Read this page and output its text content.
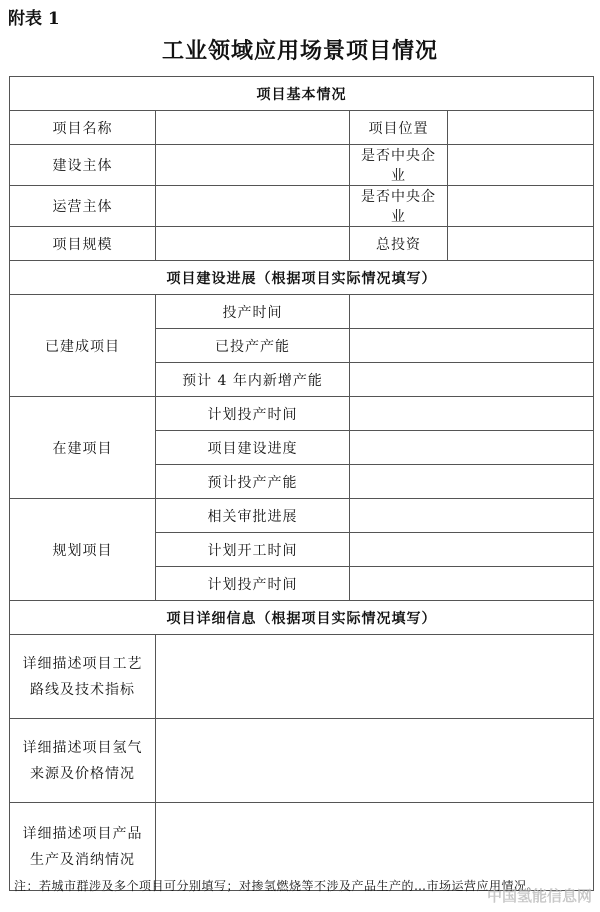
附表 1
工业领域应用场景项目情况
项目基本情况			
项目名称		项目位置	
建设主体		是否中央企业	
运营主体		是否中央企业	
项目规模		总投资	
项目建设进展（根据项目实际情况填写）			
已建成项目	投产时间		
	已投产产能		
	预计 4 年内新增产能		
在建项目	计划投产时间		
	项目建设进度		
	预计投产产能		
规划项目	相关审批进展		
	计划开工时间		
	计划投产时间		
项目详细信息（根据项目实际情况填写）			
详细描述项目工艺
路线及技术指标			
详细描述项目氢气
来源及价格情况			
详细描述项目产品
生产及消纳情况			
注：若城市群涉及多个项目可分别填写；对掺氢燃烧等不涉及产品生产的…市场运营应用情况。
中国氢能信息网
